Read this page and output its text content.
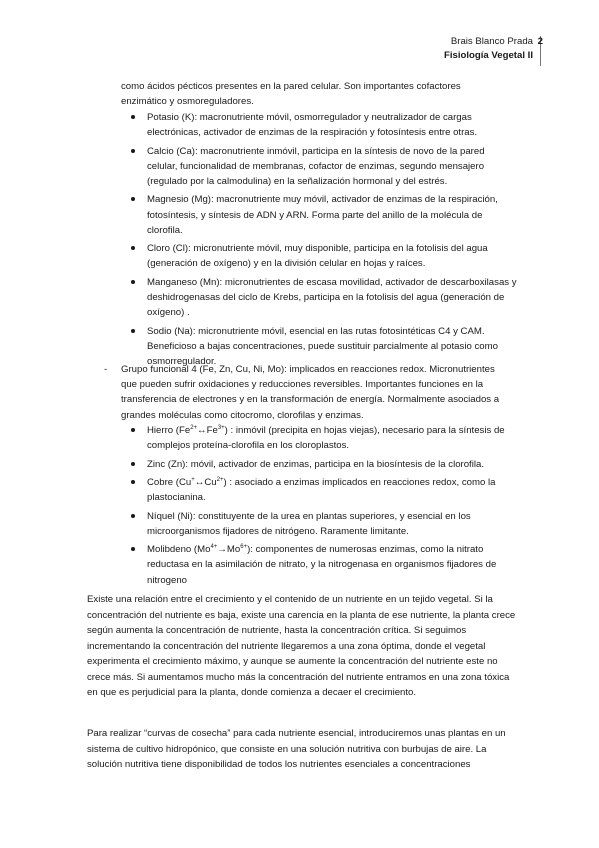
Brais Blanco Prada
Fisiología Vegetal II
2
como ácidos pécticos presentes en la pared celular. Son importantes cofactores enzimático y osmoreguladores.
Potasio (K): macronutriente móvil, osmorregulador y neutralizador de cargas electrónicas, activador de enzimas de la respiración y fotosíntesis entre otras.
Calcio (Ca): macronutriente inmóvil, participa en la síntesis de novo de la pared celular, funcionalidad de membranas, cofactor de enzimas, segundo mensajero (regulado por la calmodulina) en la señalización hormonal y del estrés.
Magnesio (Mg): macronutriente muy móvil, activador de enzimas de la respiración, fotosíntesis, y síntesis de ADN y ARN. Forma parte del anillo de la molécula de clorofila.
Cloro (Cl): micronutriente móvil, muy disponible, participa en la fotolisis del agua (generación de oxígeno) y en la división celular en hojas y raíces.
Manganeso (Mn): micronutrientes de escasa movilidad, activador de descarboxilasas y deshidrogenasas del ciclo de Krebs, participa en la fotolisis del agua (generación de oxígeno) .
Sodio (Na): micronutriente móvil, esencial en las rutas fotosintéticas C4 y CAM. Beneficioso a bajas concentraciones, puede sustituir parcialmente al potasio como osmorregulador.
- Grupo funcional 4 (Fe, Zn, Cu, Ni, Mo): implicados en reacciones redox. Micronutrientes que pueden sufrir oxidaciones y reducciones reversibles. Importantes funciones en la transferencia de electrones y en la transformación de energía. Normalmente asociados a grandes moléculas como citocromo, clorofilas y enzimas.
Hierro $(Fe^{2+}\leftrightarrow Fe^{3+})$ : inmóvil (precipita en hojas viejas), necesario para la síntesis de complejos proteína-clorofila en los cloroplastos.
Zinc (Zn): móvil, activador de enzimas, participa en la biosíntesis de la clorofila.
Cobre $(Cu^+\leftrightarrow Cu^{2+})$ : asociado a enzimas implicados en reacciones redox, como la plastocianina.
Níquel (Ni): constituyente de la urea en plantas superiores, y esencial en los microorganismos fijadores de nitrógeno. Raramente limitante.
Molibdeno $(Mo^{4+}\to Mo^{6+})$: componentes de numerosas enzimas, como la nitrato reductasa en la asimilación de nitrato, y la nitrogenasa en organismos fijadores de nitrogeno
Existe una relación entre el crecimiento y el contenido de un nutriente en un tejido vegetal. Si la concentración del nutriente es baja, existe una carencia en la planta de ese nutriente, la planta crece según aumenta la concentración de nutriente, hasta la concentración crítica. Si seguimos incrementando la concentración del nutriente llegaremos a una zona óptima, donde el vegetal experimenta el crecimiento máximo, y aunque se aumente la concentración del nutriente este no crece más. Si aumentamos mucho más la concentración del nutriente entramos en una zona tóxica en que es perjudicial para la planta, donde comienza a decaer el crecimiento.
Para realizar “curvas de cosecha” para cada nutriente esencial, introduciremos unas plantas en un sistema de cultivo hidropónico, que consiste en una solución nutritiva con burbujas de aire. La solución nutritiva tiene disponibilidad de todos los nutrientes esenciales a concentraciones
